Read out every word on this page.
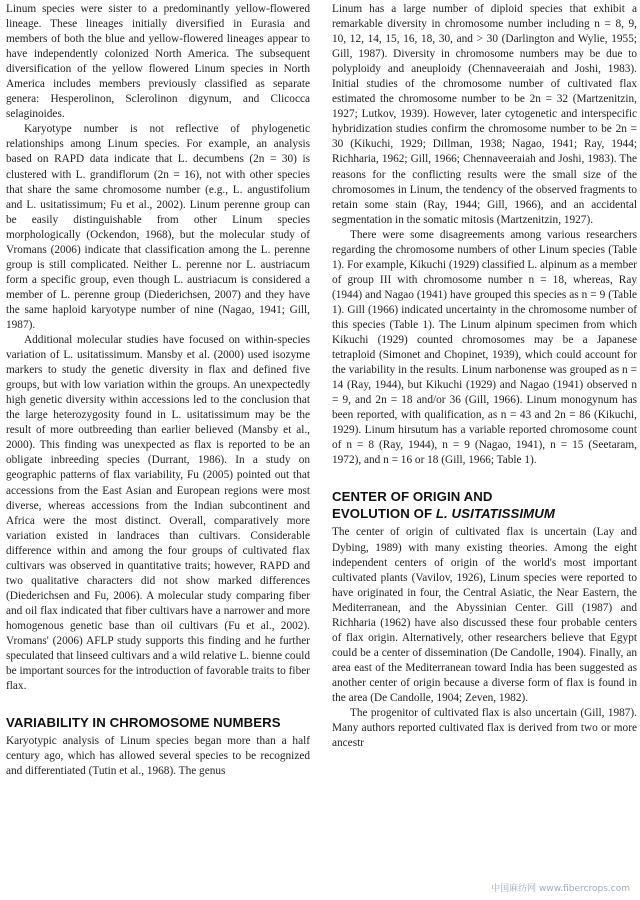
Linum species were sister to a predominantly yellow-flowered lineage. These lineages initially diversified in Eurasia and members of both the blue and yellow-flowered lineages appear to have independently colonized North America. The subsequent diversification of the yellow flowered Linum species in North America includes members previously classified as separate genera: Hesperolinon, Sclerolinon digynum, and Clicocca selaginoides.

Karyotype number is not reflective of phylogenetic relationships among Linum species. For example, an analysis based on RAPD data indicate that L. decumbens (2n = 30) is clustered with L. grandiflorum (2n = 16), not with other species that share the same chromosome number (e.g., L. angustifolium and L. usitatissimum; Fu et al., 2002). Linum perenne group can be easily distinguishable from other Linum species morphologically (Ockendon, 1968), but the molecular study of Vromans (2006) indicate that classification among the L. perenne group is still complicated. Neither L. perenne nor L. austriacum form a specific group, even though L. austriacum is considered a member of L. perenne group (Diederichsen, 2007) and they have the same haploid karyotype number of nine (Nagao, 1941; Gill, 1987).

Additional molecular studies have focused on within-species variation of L. usitatissimum. Mansby et al. (2000) used isozyme markers to study the genetic diversity in flax and defined five groups, but with low variation within the groups. An unexpectedly high genetic diversity within accessions led to the conclusion that the large heterozygosity found in L. usitatissimum may be the result of more outbreeding than earlier believed (Mansby et al., 2000). This finding was unexpected as flax is reported to be an obligate inbreeding species (Durrant, 1986). In a study on geographic patterns of flax variability, Fu (2005) pointed out that accessions from the East Asian and European regions were most diverse, whereas accessions from the Indian subcontinent and Africa were the most distinct. Overall, comparatively more variation existed in landraces than cultivars. Considerable difference within and among the four groups of cultivated flax cultivars was observed in quantitative traits; however, RAPD and two qualitative characters did not show marked differences (Diederichsen and Fu, 2006). A molecular study comparing fiber and oil flax indicated that fiber cultivars have a narrower and more homogenous genetic base than oil cultivars (Fu et al., 2002). Vromans' (2006) AFLP study supports this finding and he further speculated that linseed cultivars and a wild relative L. bienne could be important sources for the introduction of favorable traits to fiber flax.

VARIABILITY IN CHROMOSOME NUMBERS

Karyotypic analysis of Linum species began more than a half century ago, which has allowed several species to be recognized and differentiated (Tutin et al., 1968). The genus

Linum has a large number of diploid species that exhibit a remarkable diversity in chromosome number including n = 8, 9, 10, 12, 14, 15, 16, 18, 30, and > 30 (Darlington and Wylie, 1955; Gill, 1987). Diversity in chromosome numbers may be due to polyploidy and aneuploidy (Chennaveeraiah and Joshi, 1983). Initial studies of the chromosome number of cultivated flax estimated the chromosome number to be 2n = 32 (Martzenitzin, 1927; Lutkov, 1939). However, later cytogenetic and interspecific hybridization studies confirm the chromosome number to be 2n = 30 (Kikuchi, 1929; Dillman, 1938; Nagao, 1941; Ray, 1944; Richharia, 1962; Gill, 1966; Chennaveeraiah and Joshi, 1983). The reasons for the conflicting results were the small size of the chromosomes in Linum, the tendency of the observed fragments to retain some stain (Ray, 1944; Gill, 1966), and an accidental segmentation in the somatic mitosis (Martzenitzin, 1927).

There were some disagreements among various researchers regarding the chromosome numbers of other Linum species (Table 1). For example, Kikuchi (1929) classified L. alpinum as a member of group III with chromosome number n = 18, whereas, Ray (1944) and Nagao (1941) have grouped this species as n = 9 (Table 1). Gill (1966) indicated uncertainty in the chromosome number of this species (Table 1). The Linum alpinum specimen from which Kikuchi (1929) counted chromosomes may be a Japanese tetraploid (Simonet and Chopinet, 1939), which could account for the variability in the results. Linum narbonense was grouped as n = 14 (Ray, 1944), but Kikuchi (1929) and Nagao (1941) observed n = 9, and 2n = 18 and/or 36 (Gill, 1966). Linum monogynum has been reported, with qualification, as n = 43 and 2n = 86 (Kikuchi, 1929). Linum hirsutum has a variable reported chromosome count of n = 8 (Ray, 1944), n = 9 (Nagao, 1941), n = 15 (Seetaram, 1972), and n = 16 or 18 (Gill, 1966; Table 1).

CENTER OF ORIGIN AND
EVOLUTION OF L. USITATISSIMUM

The center of origin of cultivated flax is uncertain (Lay and Dybing, 1989) with many existing theories. Among the eight independent centers of origin of the world's most important cultivated plants (Vavilov, 1926), Linum species were reported to have originated in four, the Central Asiatic, the Near Eastern, the Mediterranean, and the Abyssinian Center. Gill (1987) and Richharia (1962) have also discussed these four probable centers of flax origin. Alternatively, other researchers believe that Egypt could be a center of dissemination (De Candolle, 1904). Finally, an area east of the Mediterranean toward India has been suggested as another center of origin because a diverse form of flax is found in the area (De Candolle, 1904; Zeven, 1982).

The progenitor of cultivated flax is also uncertain (Gill, 1987). Many authors reported cultivated flax is derived from two or more ancestr

中国麻纺网 www.fibercrops.com
